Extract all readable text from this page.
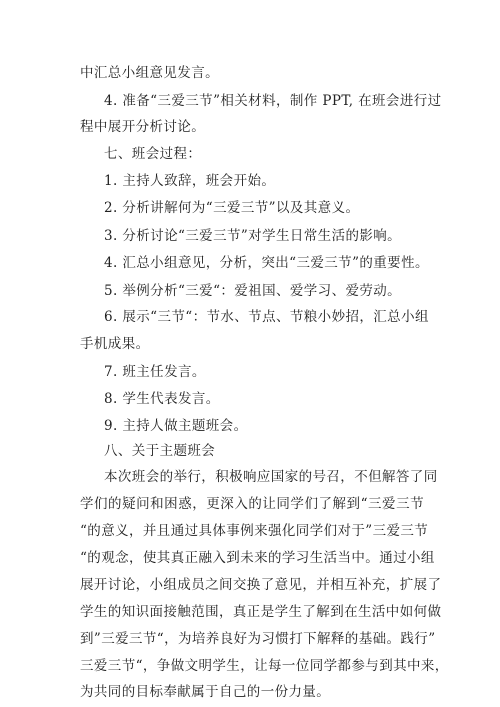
中汇总小组意见发言。
4. 准备“三爱三节”相关材料，制作 PPT, 在班会进行过
程中展开分析讨论。
七、班会过程：
1. 主持人致辞，班会开始。
2. 分析讲解何为“三爱三节”以及其意义。
3. 分析讨论“三爱三节”对学生日常生活的影响。
4. 汇总小组意见，分析，突出“三爱三节”的重要性。
5. 举例分析“三爱“：爱祖国、爱学习、爱劳动。
6. 展示“三节“：节水、节点、节粮小妙招，汇总小组
手机成果。
7. 班主任发言。
8. 学生代表发言。
9. 主持人做主题班会。
八、关于主题班会
本次班会的举行，积极响应国家的号召，不但解答了同
学们的疑问和困惑，更深入的让同学们了解到“三爱三节
“的意义，并且通过具体事例来强化同学们对于”三爱三节
“的观念，使其真正融入到未来的学习生活当中。通过小组
展开讨论，小组成员之间交换了意见，并相互补充，扩展了
学生的知识面接触范围，真正是学生了解到在生活中如何做
到”三爱三节“，为培养良好为习惯打下解释的基础。践行”
三爱三节“，争做文明学生，让每一位同学都参与到其中来，
为共同的目标奉献属于自己的一份力量。
